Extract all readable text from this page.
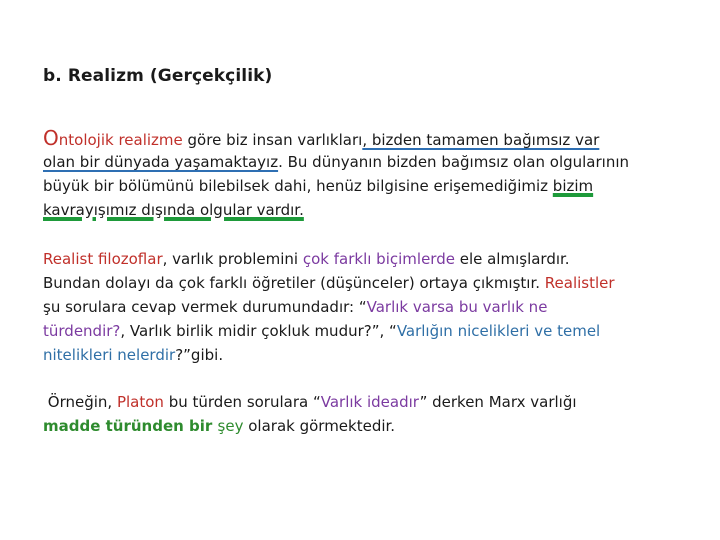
b. Realizm (Gerçekçilik)
Ontolojik realizme göre biz insan varlıkları, bizden tamamen bağımsız var
olan bir dünyada yaşamaktayız. Bu dünyanın bizden bağımsız olan olgularının
büyük bir bölümünü bilebilsek dahi, henüz bilgisine erişemediğimiz bizim
kavrayışımız dışında olgular vardır.
Realist filozoflar, varlık problemini çok farklı biçimlerde ele almışlardır.
Bundan dolayı da çok farklı öğretiler (düşünceler) ortaya çıkmıştır. Realistler
şu sorulara cevap vermek durumundadır: “Varlık varsa bu varlık ne
türdendir?, Varlık birlik midir çokluk mudur?”, “Varlığın nicelikleri ve temel
nitelikleri nelerdir?”gibi.
Örneğin, Platon bu türden sorulara “Varlık ideadır” derken Marx varlığı
madde türünden bir şey olarak görmektedir.
